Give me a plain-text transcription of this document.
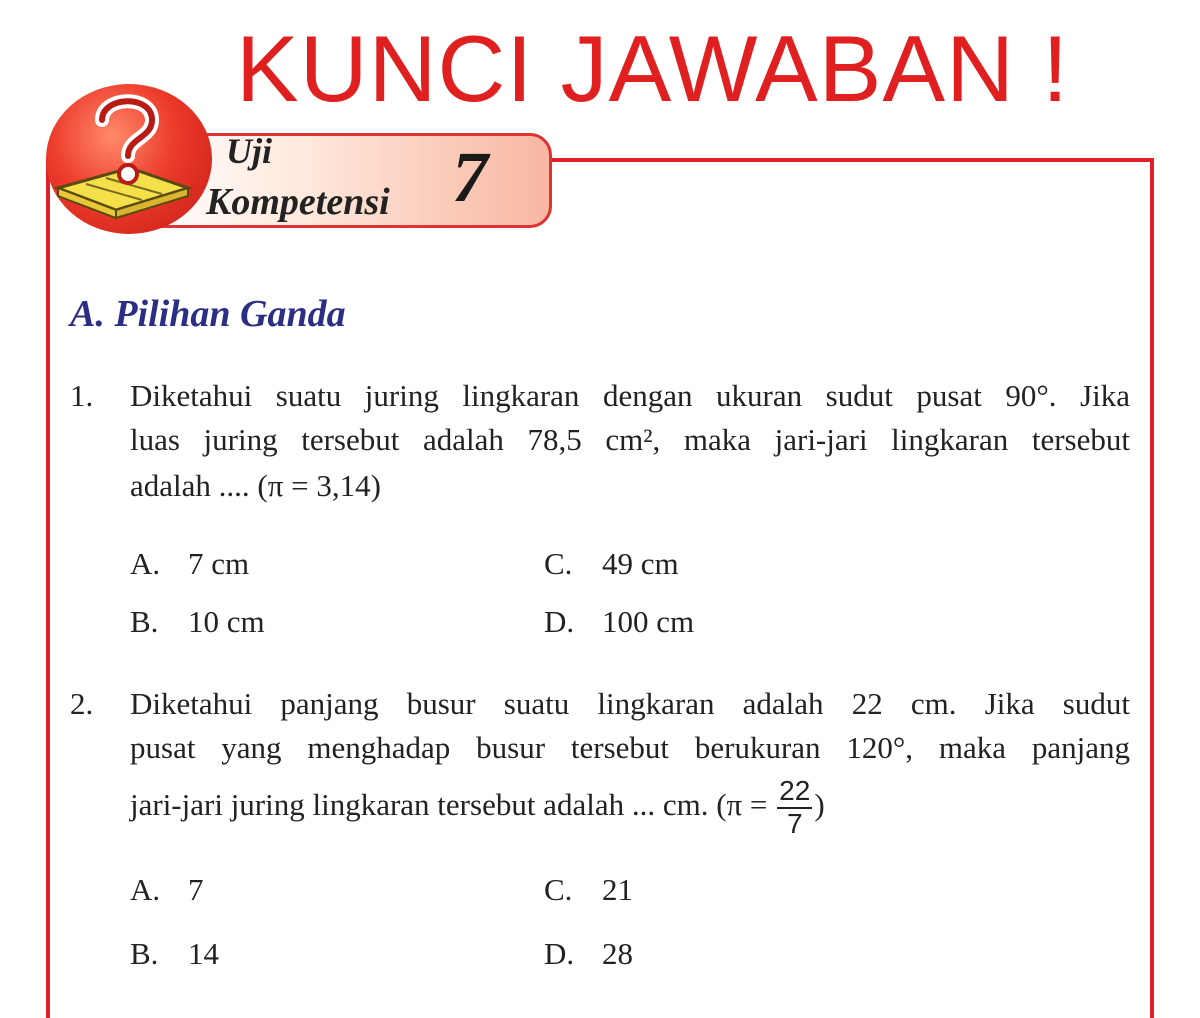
KUNCI JAWABAN !
Uji
Kompetensi 7
A. Pilihan Ganda
1. Diketahui suatu juring lingkaran dengan ukuran sudut pusat 90°. Jika
luas juring tersebut adalah 78,5 cm², maka jari-jari lingkaran tersebut
adalah .... (π = 3,14)
A. 7 cm
B. 10 cm
C. 49 cm
D. 100 cm
2. Diketahui panjang busur suatu lingkaran adalah 22 cm. Jika sudut
pusat yang menghadap busur tersebut berukuran 120°, maka panjang
jari-jari juring lingkaran tersebut adalah ... cm. ($\pi = \frac{22}{7}$ )
A. 7
B. 14
C. 21
D. 28
